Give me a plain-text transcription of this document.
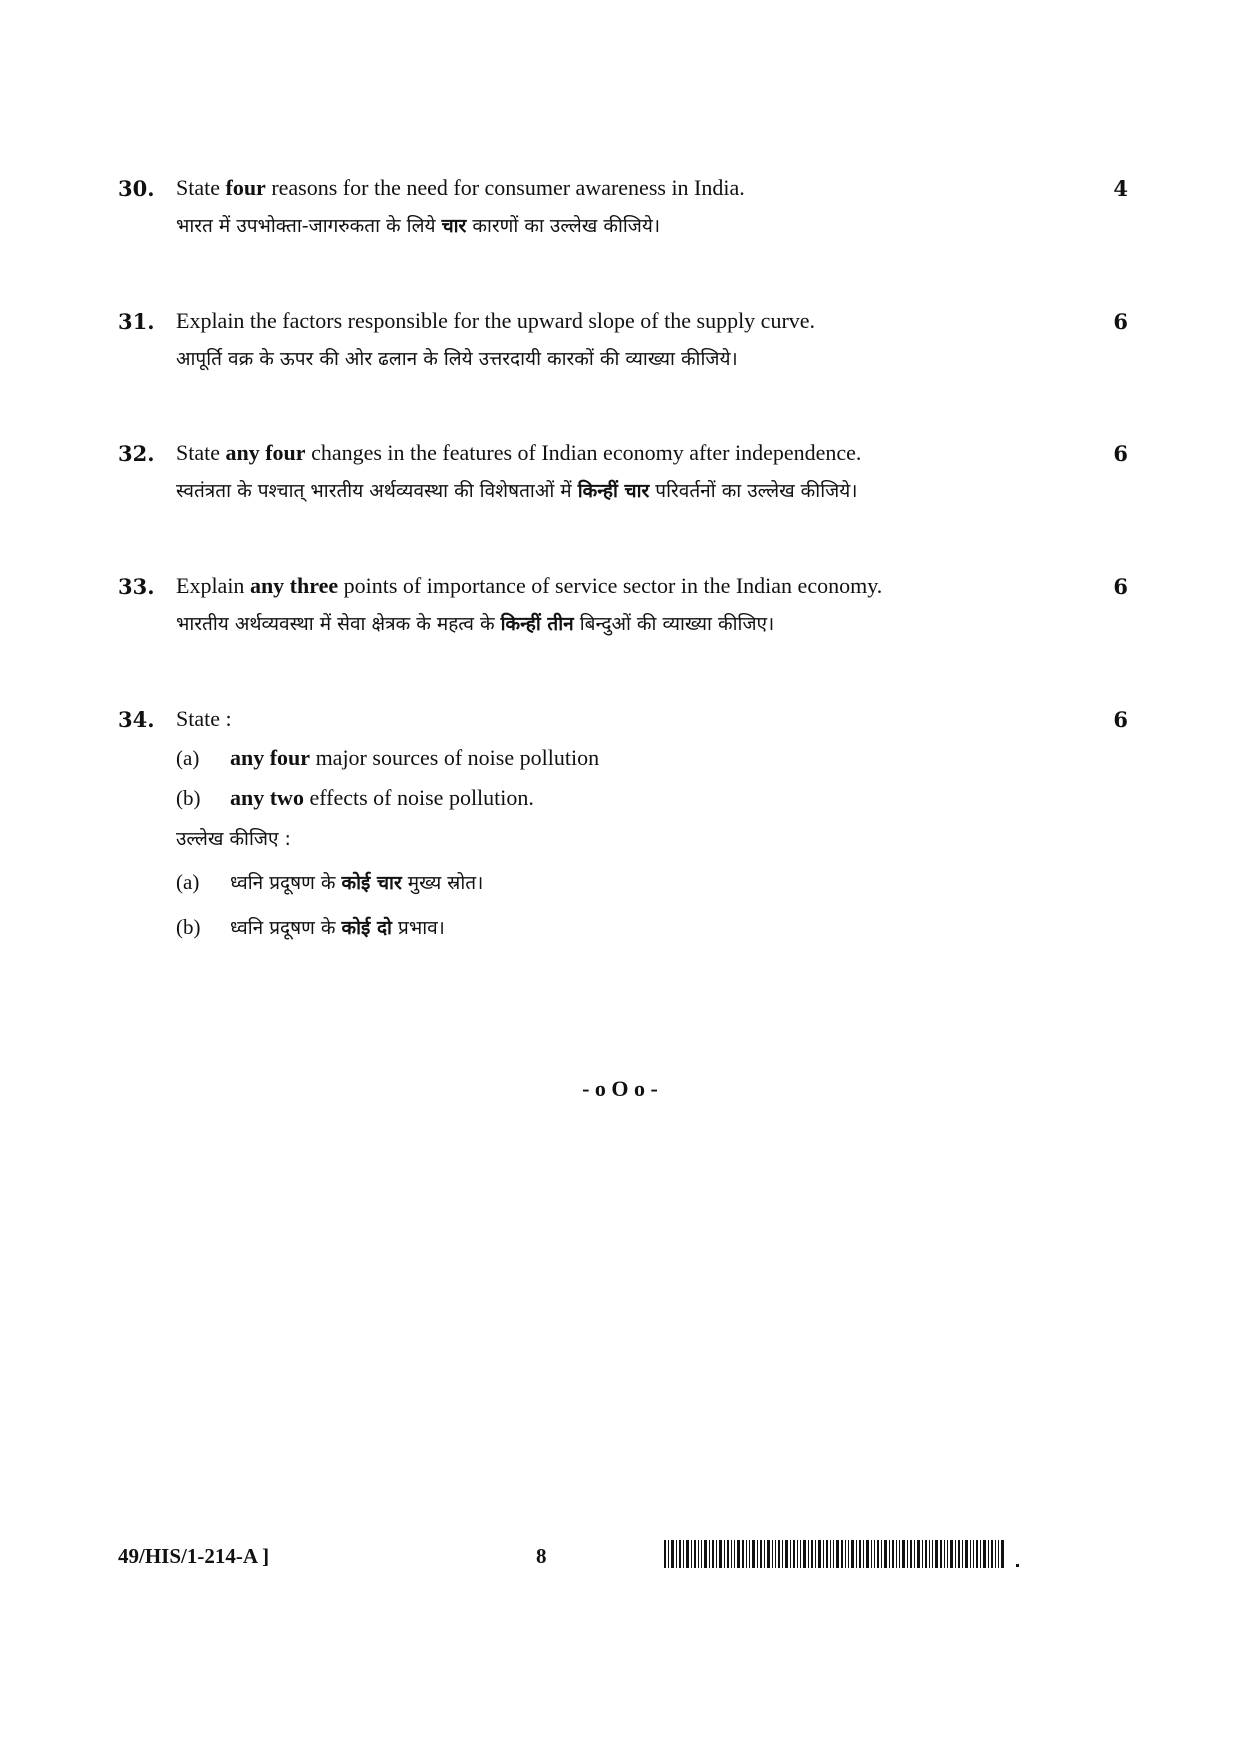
30.	4
State four reasons for the need for consumer awareness in India.
भारत में उपभोक्ता-जागरुकता के लिये चार कारणों का उल्लेख कीजिये।
31.	6
Explain the factors responsible for the upward slope of the supply curve.
आपूर्ति वक्र के ऊपर की ओर ढलान के लिये उत्तरदायी कारकों की व्याख्या कीजिये।
32.	6
State any four changes in the features of Indian economy after independence.
स्वतंत्रता के पश्चात् भारतीय अर्थव्यवस्था की विशेषताओं में किन्हीं चार परिवर्तनों का उल्लेख कीजिये।
33.	6
Explain any three points of importance of service sector in the Indian economy.
भारतीय अर्थव्यवस्था में सेवा क्षेत्रक के महत्व के किन्हीं तीन बिन्दुओं की व्याख्या कीजिए।
34.	6
State :
(a) any four major sources of noise pollution
(b) any two effects of noise pollution.
उल्लेख कीजिए :
(a) ध्वनि प्रदूषण के कोई चार मुख्य स्रोत।
(b) ध्वनि प्रदूषण के कोई दो प्रभाव।
- o O o -
49/HIS/1-214-A ]	8
